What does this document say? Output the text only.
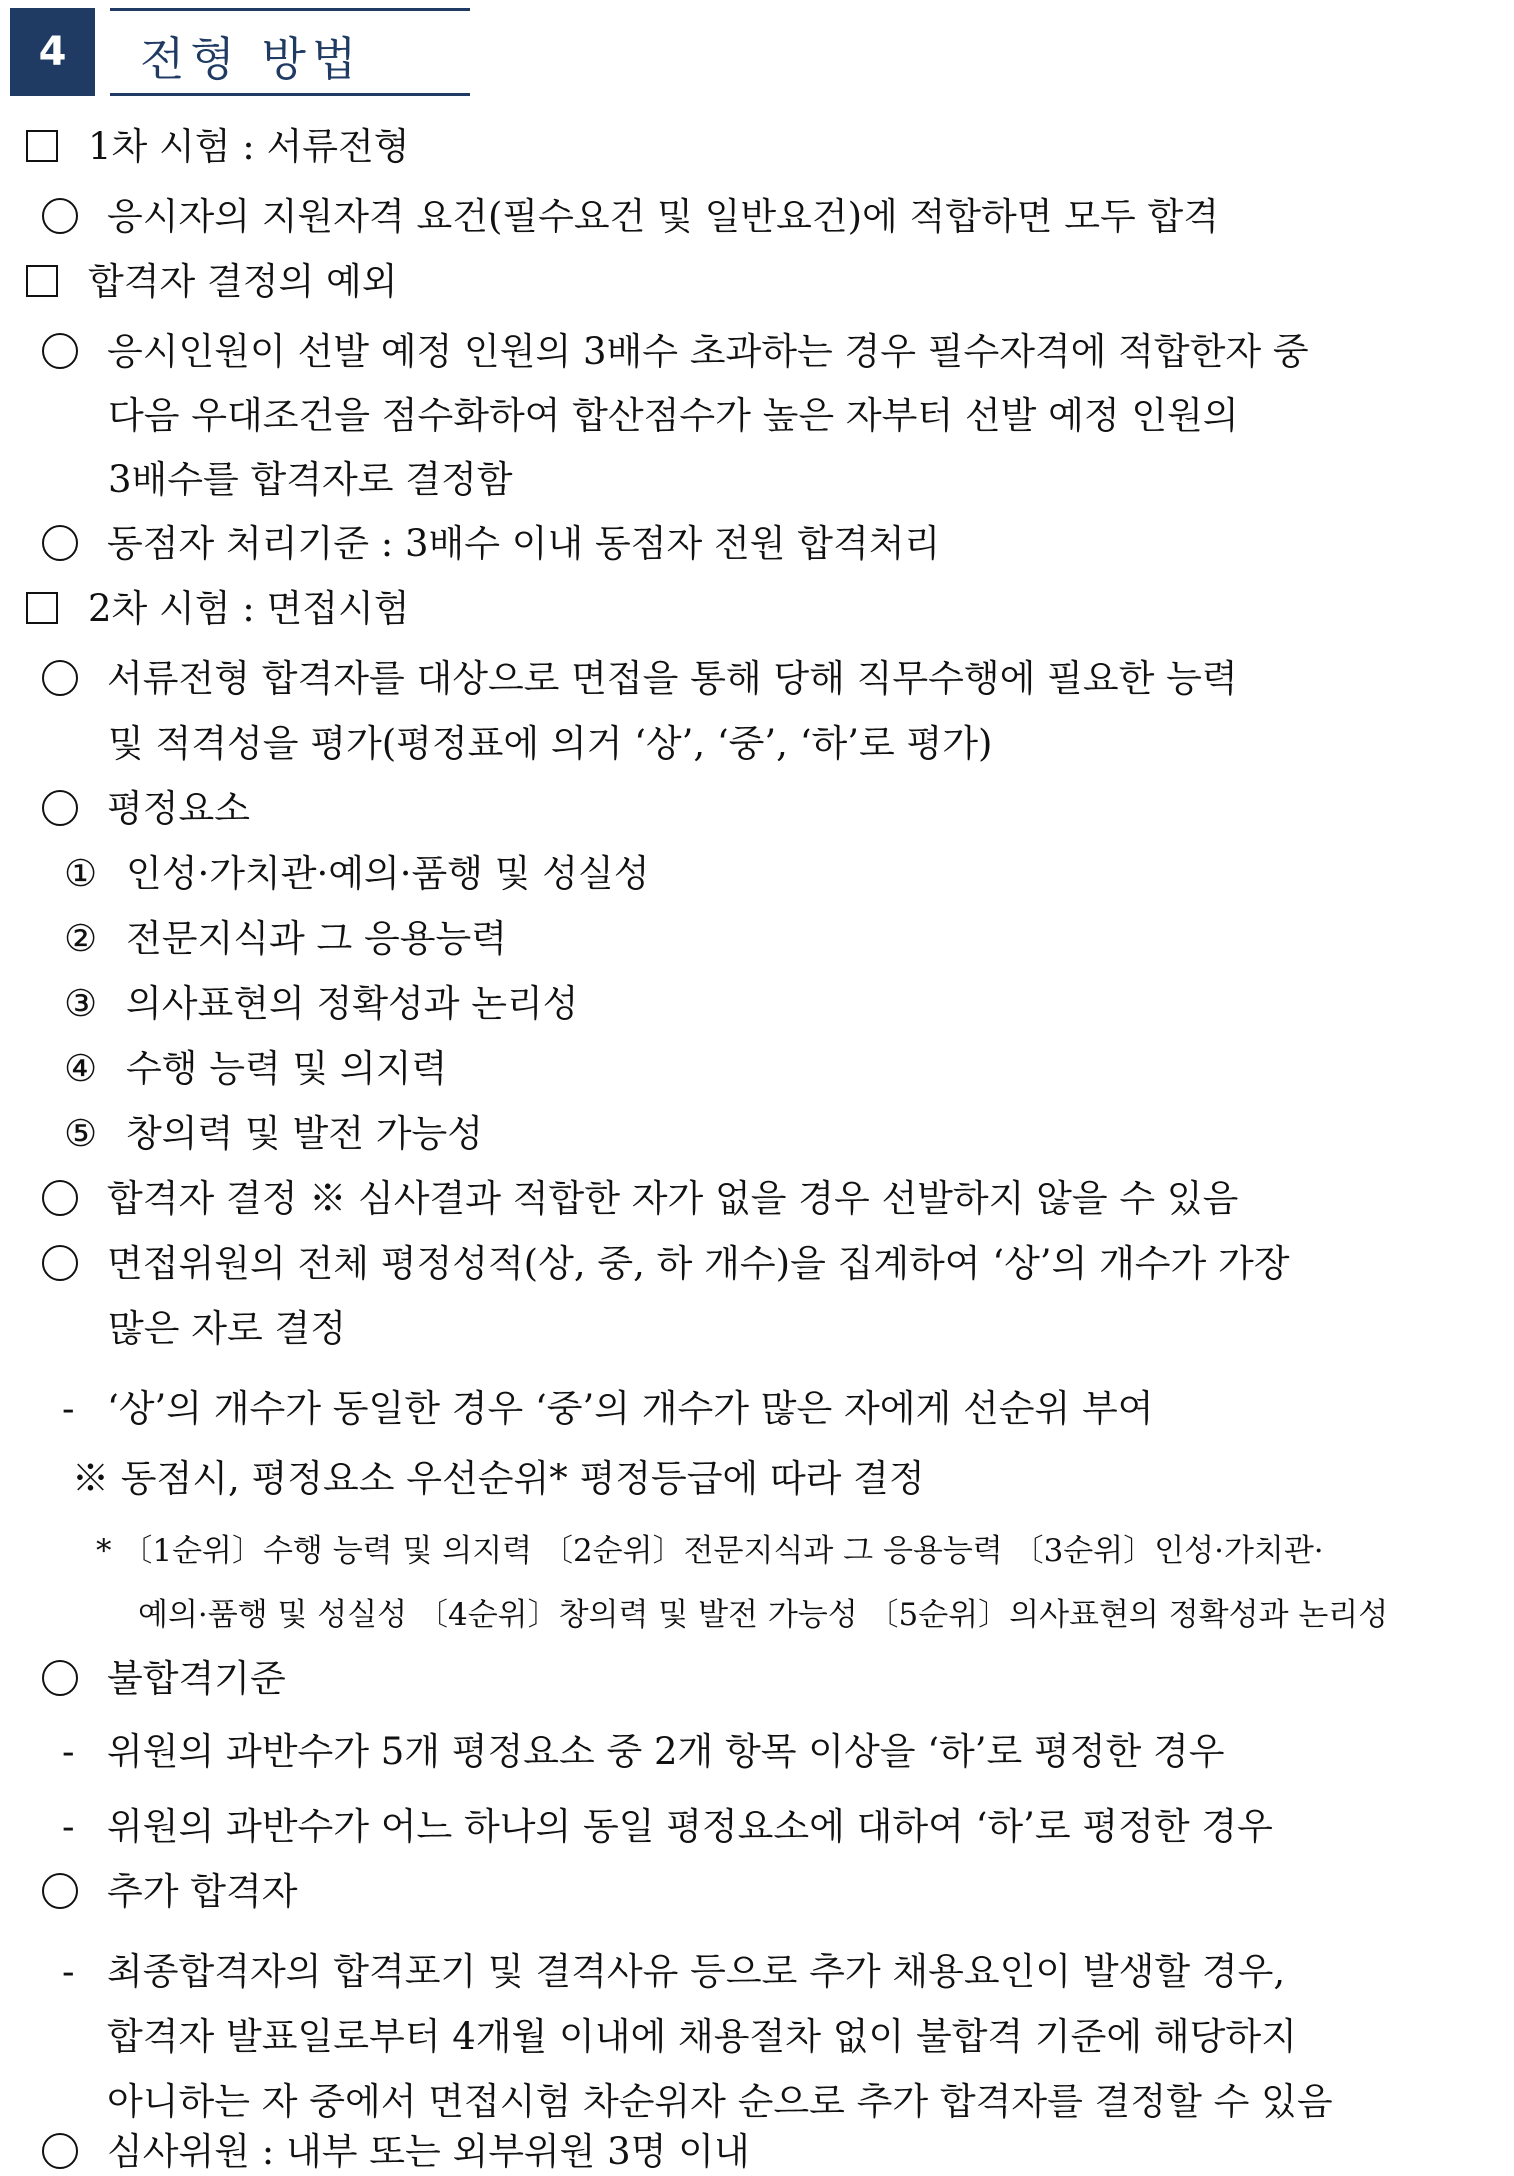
4	전형 방법
1차 시험 : 서류전형
응시자의 지원자격 요건(필수요건 및 일반요건)에 적합하면 모두 합격
합격자 결정의 예외
응시인원이 선발 예정 인원의 3배수 초과하는 경우 필수자격에 적합한자 중
다음 우대조건을 점수화하여 합산점수가 높은 자부터 선발 예정 인원의
3배수를 합격자로 결정함
동점자 처리기준 : 3배수 이내 동점자 전원 합격처리
2차 시험 : 면접시험
서류전형 합격자를 대상으로 면접을 통해 당해 직무수행에 필요한 능력
및 적격성을 평가(평정표에 의거 ‘상’, ‘중’, ‘하’로 평가)
평정요소
① 인성·가치관·예의·품행 및 성실성
② 전문지식과 그 응용능력
③ 의사표현의 정확성과 논리성
④ 수행 능력 및 의지력
⑤ 창의력 및 발전 가능성
합격자 결정 ※ 심사결과 적합한 자가 없을 경우 선발하지 않을 수 있음
면접위원의 전체 평정성적(상, 중, 하 개수)을 집계하여 ‘상’의 개수가 가장
많은 자로 결정
- ‘상’의 개수가 동일한 경우 ‘중’의 개수가 많은 자에게 선순위 부여
※ 동점시, 평정요소 우선순위* 평정등급에 따라 결정
* 〔1순위〕수행 능력 및 의지력 〔2순위〕전문지식과 그 응용능력 〔3순위〕인성·가치관·
예의·품행 및 성실성 〔4순위〕창의력 및 발전 가능성 〔5순위〕의사표현의 정확성과 논리성
불합격기준
- 위원의 과반수가 5개 평정요소 중 2개 항목 이상을 ‘하’로 평정한 경우
- 위원의 과반수가 어느 하나의 동일 평정요소에 대하여 ‘하’로 평정한 경우
추가 합격자
- 최종합격자의 합격포기 및 결격사유 등으로 추가 채용요인이 발생할 경우,
합격자 발표일로부터 4개월 이내에 채용절차 없이 불합격 기준에 해당하지
아니하는 자 중에서 면접시험 차순위자 순으로 추가 합격자를 결정할 수 있음
심사위원 : 내부 또는 외부위원 3명 이내
